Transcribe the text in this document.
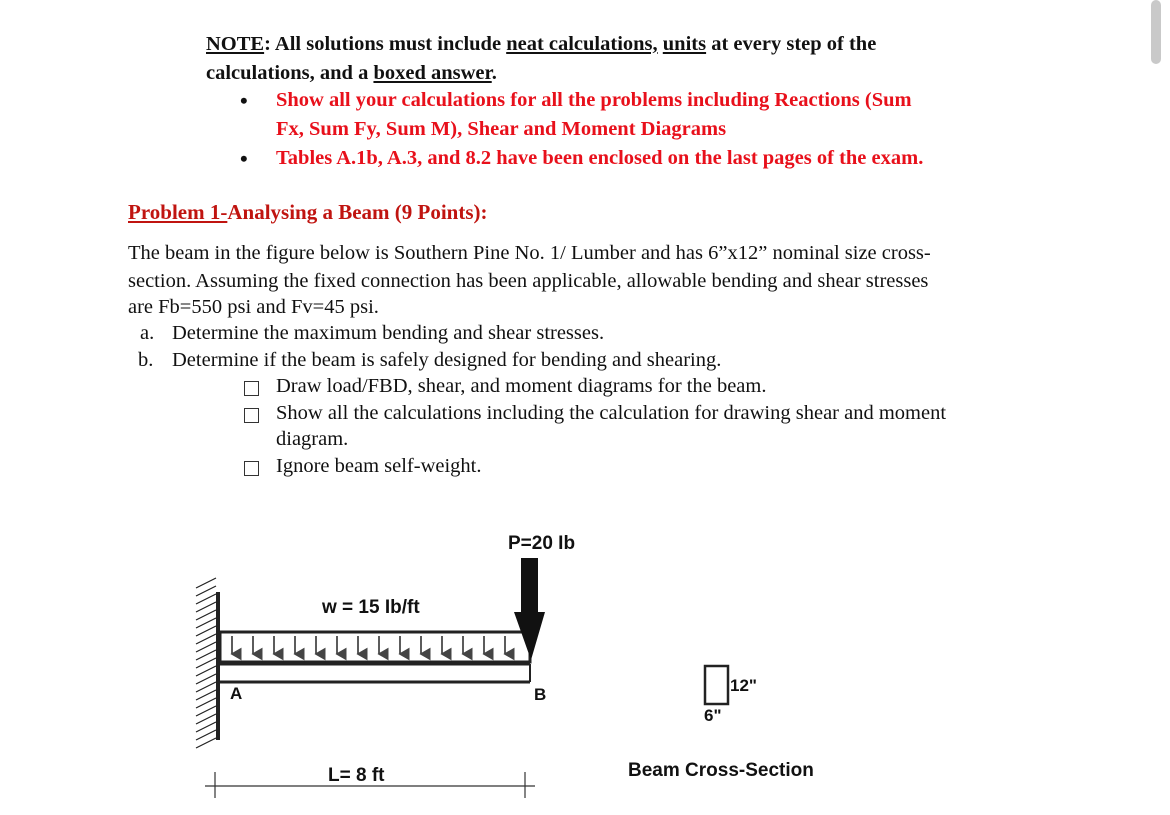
NOTE: All solutions must include neat calculations, units at every step of the
calculations, and a boxed answer.
• Show all your calculations for all the problems including Reactions (Sum
Fx, Sum Fy, Sum M), Shear and Moment Diagrams
• Tables A.1b, A.3, and 8.2 have been enclosed on the last pages of the exam.
Problem 1-Analysing a Beam (9 Points):
The beam in the figure below is Southern Pine No. 1/ Lumber and has 6”x12” nominal size cross-
section. Assuming the fixed connection has been applicable, allowable bending and shear stresses
are Fb=550 psi and Fv=45 psi.
a. Determine the maximum bending and shear stresses.
b. Determine if the beam is safely designed for bending and shearing.
Draw load/FBD, shear, and moment diagrams for the beam.
Show all the calculations including the calculation for drawing shear and moment
diagram.
Ignore beam self-weight.
P=20 Ib
w = 15 Ib/ft
A	B
L= 8 ft
12"
6"
Beam Cross-Section
